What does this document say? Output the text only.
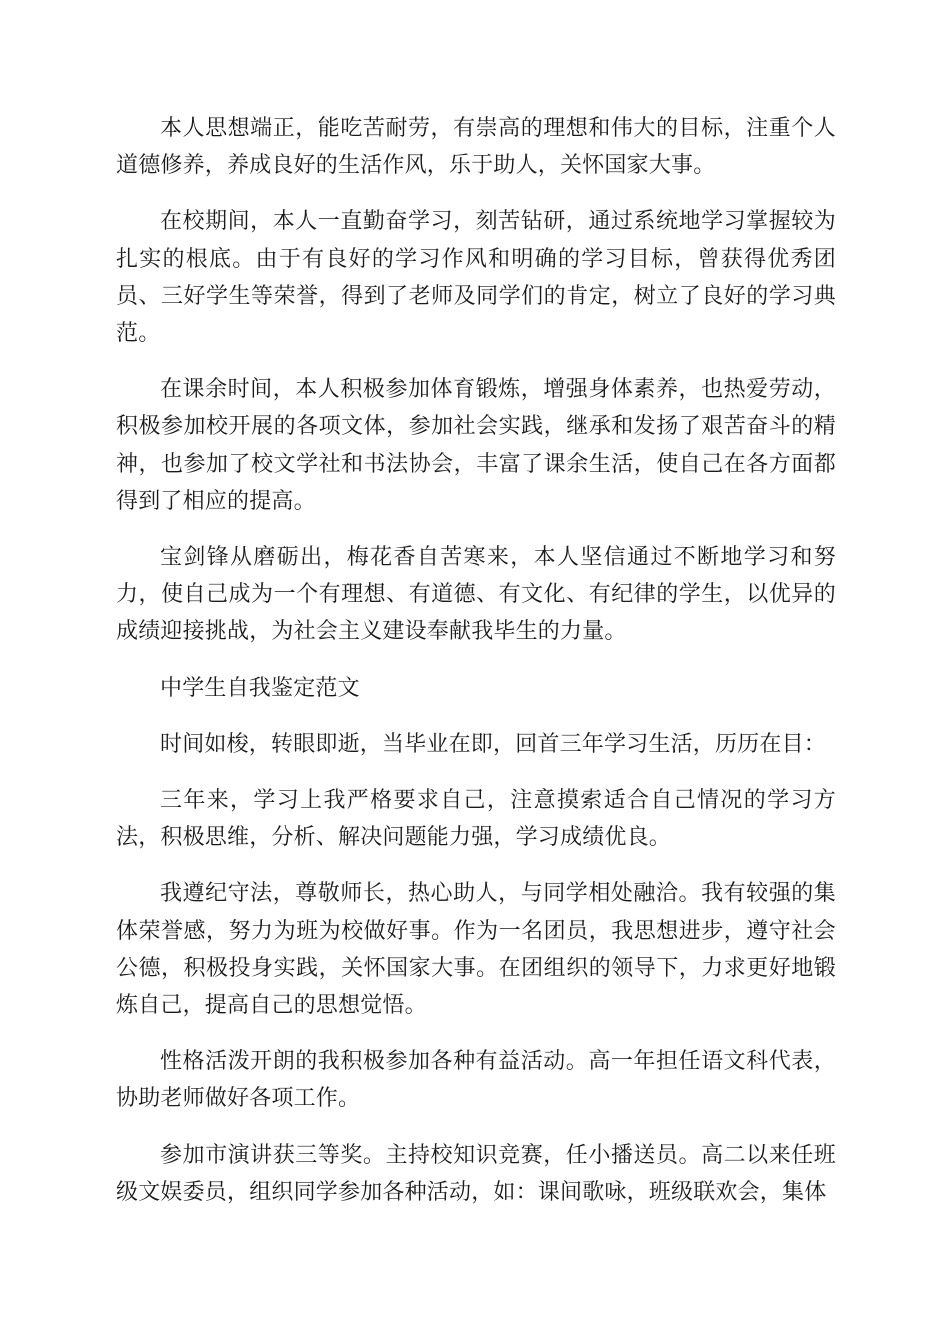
本人思想端正，能吃苦耐劳，有崇高的理想和伟大的目标，注重个人道德修养，养成良好的生活作风，乐于助人，关怀国家大事。

在校期间，本人一直勤奋学习，刻苦钻研，通过系统地学习掌握较为扎实的根底。由于有良好的学习作风和明确的学习目标，曾获得优秀团员、三好学生等荣誉，得到了老师及同学们的肯定，树立了良好的学习典范。

在课余时间，本人积极参加体育锻炼，增强身体素养，也热爱劳动，积极参加校开展的各项文体，参加社会实践，继承和发扬了艰苦奋斗的精神，也参加了校文学社和书法协会，丰富了课余生活，使自己在各方面都得到了相应的提高。

宝剑锋从磨砺出，梅花香自苦寒来，本人坚信通过不断地学习和努力，使自己成为一个有理想、有道德、有文化、有纪律的学生，以优异的成绩迎接挑战，为社会主义建设奉献我毕生的力量。

中学生自我鉴定范文

时间如梭，转眼即逝，当毕业在即，回首三年学习生活，历历在目：

三年来，学习上我严格要求自己，注意摸索适合自己情况的学习方法，积极思维，分析、解决问题能力强，学习成绩优良。

我遵纪守法，尊敬师长，热心助人，与同学相处融洽。我有较强的集体荣誉感，努力为班为校做好事。作为一名团员，我思想进步，遵守社会公德，积极投身实践，关怀国家大事。在团组织的领导下，力求更好地锻炼自己，提高自己的思想觉悟。

性格活泼开朗的我积极参加各种有益活动。高一年担任语文科代表，协助老师做好各项工作。

参加市演讲获三等奖。主持校知识竞赛，任小播送员。高二以来任班级文娱委员，组织同学参加各种活动，如：课间歌咏，班级联欢会，集体
